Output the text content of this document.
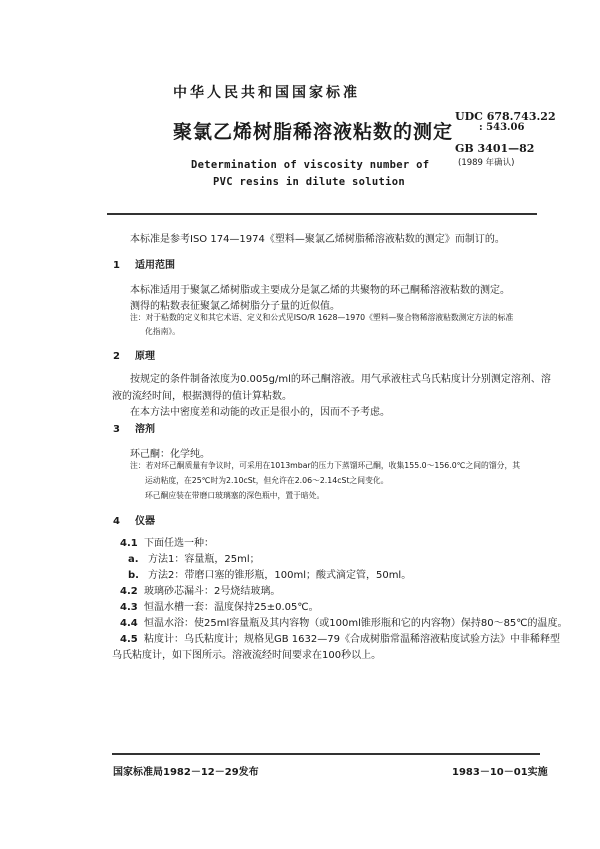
中华人民共和国国家标准
聚氯乙烯树脂稀溶液粘数的测定
Determination of viscosity number of
PVC resins in dilute solution
UDC 678.743.22
: 543.06
GB 3401—82
(1989 年确认)
本标准是参考ISO 174—1974《塑料—聚氯乙烯树脂稀溶液粘数的测定》而制订的。
1 适用范围
本标准适用于聚氯乙烯树脂或主要成分是氯乙烯的共聚物的环己酮稀溶液粘数的测定。
测得的粘数表征聚氯乙烯树脂分子量的近似值。
注：对于粘数的定义和其它术语、定义和公式见ISO/R 1628—1970《塑料—聚合物稀溶液粘数测定方法的标准
化指南》。
2 原理
按规定的条件制备浓度为0.005g/ml的环己酮溶液。用气承液柱式乌氏粘度计分别测定溶剂、溶
液的流经时间，根据测得的值计算粘数。
在本方法中密度差和动能的改正是很小的，因而不予考虑。
3 溶剂
环己酮：化学纯。
注：若对环己酮质量有争议时，可采用在1013mbar的压力下蒸馏环己酮，收集155.0～156.0℃之间的馏分，其
运动粘度，在25℃时为2.10cSt，但允许在2.06～2.14cSt之间变化。
环己酮应装在带磨口玻璃塞的深色瓶中，置于暗处。
4 仪器
4.1 下面任选一种：
a. 方法1：容量瓶，25ml；
b. 方法2：带磨口塞的锥形瓶，100ml；酸式滴定管，50ml。
4.2 玻璃砂芯漏斗：2号烧结玻璃。
4.3 恒温水槽一套：温度保持25±0.05℃。
4.4 恒温水浴：使25ml容量瓶及其内容物（或100ml锥形瓶和它的内容物）保持80～85℃的温度。
4.5 粘度计：乌氏粘度计；规格见GB 1632—79《合成树脂常温稀溶液粘度试验方法》中非稀释型
乌氏粘度计，如下图所示。溶液流经时间要求在100秒以上。
国家标准局1982－12－29发布	1983－10－01实施
